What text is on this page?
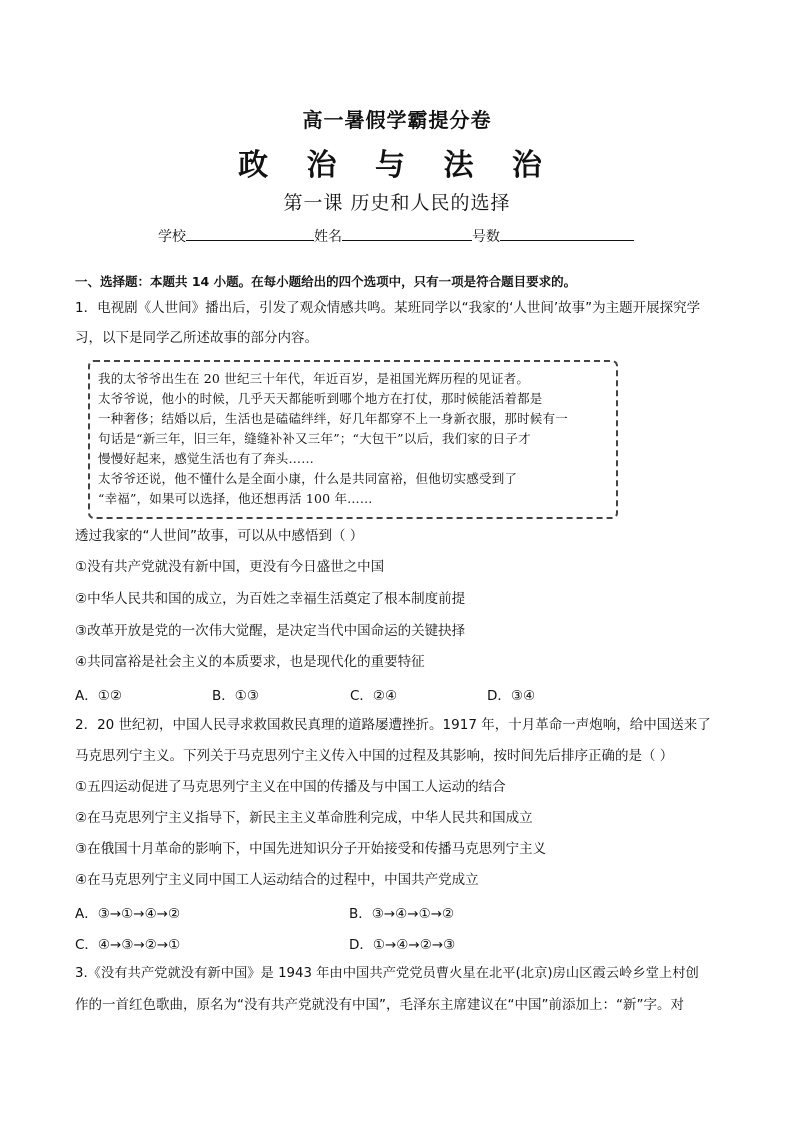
高一暑假学霸提分卷
政 治 与 法 治
第一课 历史和人民的选择
学校	姓名	号数
一、选择题：本题共 14 小题。在每小题给出的四个选项中，只有一项是符合题目要求的。
1．电视剧《人世间》播出后，引发了观众情感共鸣。某班同学以“我家的‘人世间’故事”为主题开展探究学
习，以下是同学乙所述故事的部分内容。
我的太爷爷出生在 20 世纪三十年代，年近百岁，是祖国光辉历程的见证者。
太爷爷说，他小的时候，几乎天天都能听到哪个地方在打仗，那时候能活着都是
一种奢侈；结婚以后，生活也是磕磕绊绊，好几年都穿不上一身新衣服，那时候有一
句话是“新三年，旧三年，缝缝补补又三年”；“大包干”以后，我们家的日子才
慢慢好起来，感觉生活也有了奔头……
太爷爷还说，他不懂什么是全面小康，什么是共同富裕，但他切实感受到了
“幸福”，如果可以选择，他还想再活 100 年……
透过我家的“人世间”故事，可以从中感悟到（ ）
①没有共产党就没有新中国，更没有今日盛世之中国
②中华人民共和国的成立，为百姓之幸福生活奠定了根本制度前提
③改革开放是党的一次伟大觉醒，是决定当代中国命运的关键抉择
④共同富裕是社会主义的本质要求，也是现代化的重要特征
A．①②	B．①③	C．②④	D．③④
2．20 世纪初，中国人民寻求救国救民真理的道路屡遭挫折。1917 年，十月革命一声炮响，给中国送来了
马克思列宁主义。下列关于马克思列宁主义传入中国的过程及其影响，按时间先后排序正确的是（ ）
①五四运动促进了马克思列宁主义在中国的传播及与中国工人运动的结合
②在马克思列宁主义指导下，新民主主义革命胜利完成，中华人民共和国成立
③在俄国十月革命的影响下，中国先进知识分子开始接受和传播马克思列宁主义
④在马克思列宁主义同中国工人运动结合的过程中，中国共产党成立
A．③→①→④→②	B．③→④→①→②
C．④→③→②→①	D．①→④→②→③
3.《没有共产党就没有新中国》是 1943 年由中国共产党党员曹火星在北平(北京)房山区霞云岭乡堂上村创
作的一首红色歌曲，原名为“没有共产党就没有中国”，毛泽东主席建议在“中国”前添加上：“新”字。对
